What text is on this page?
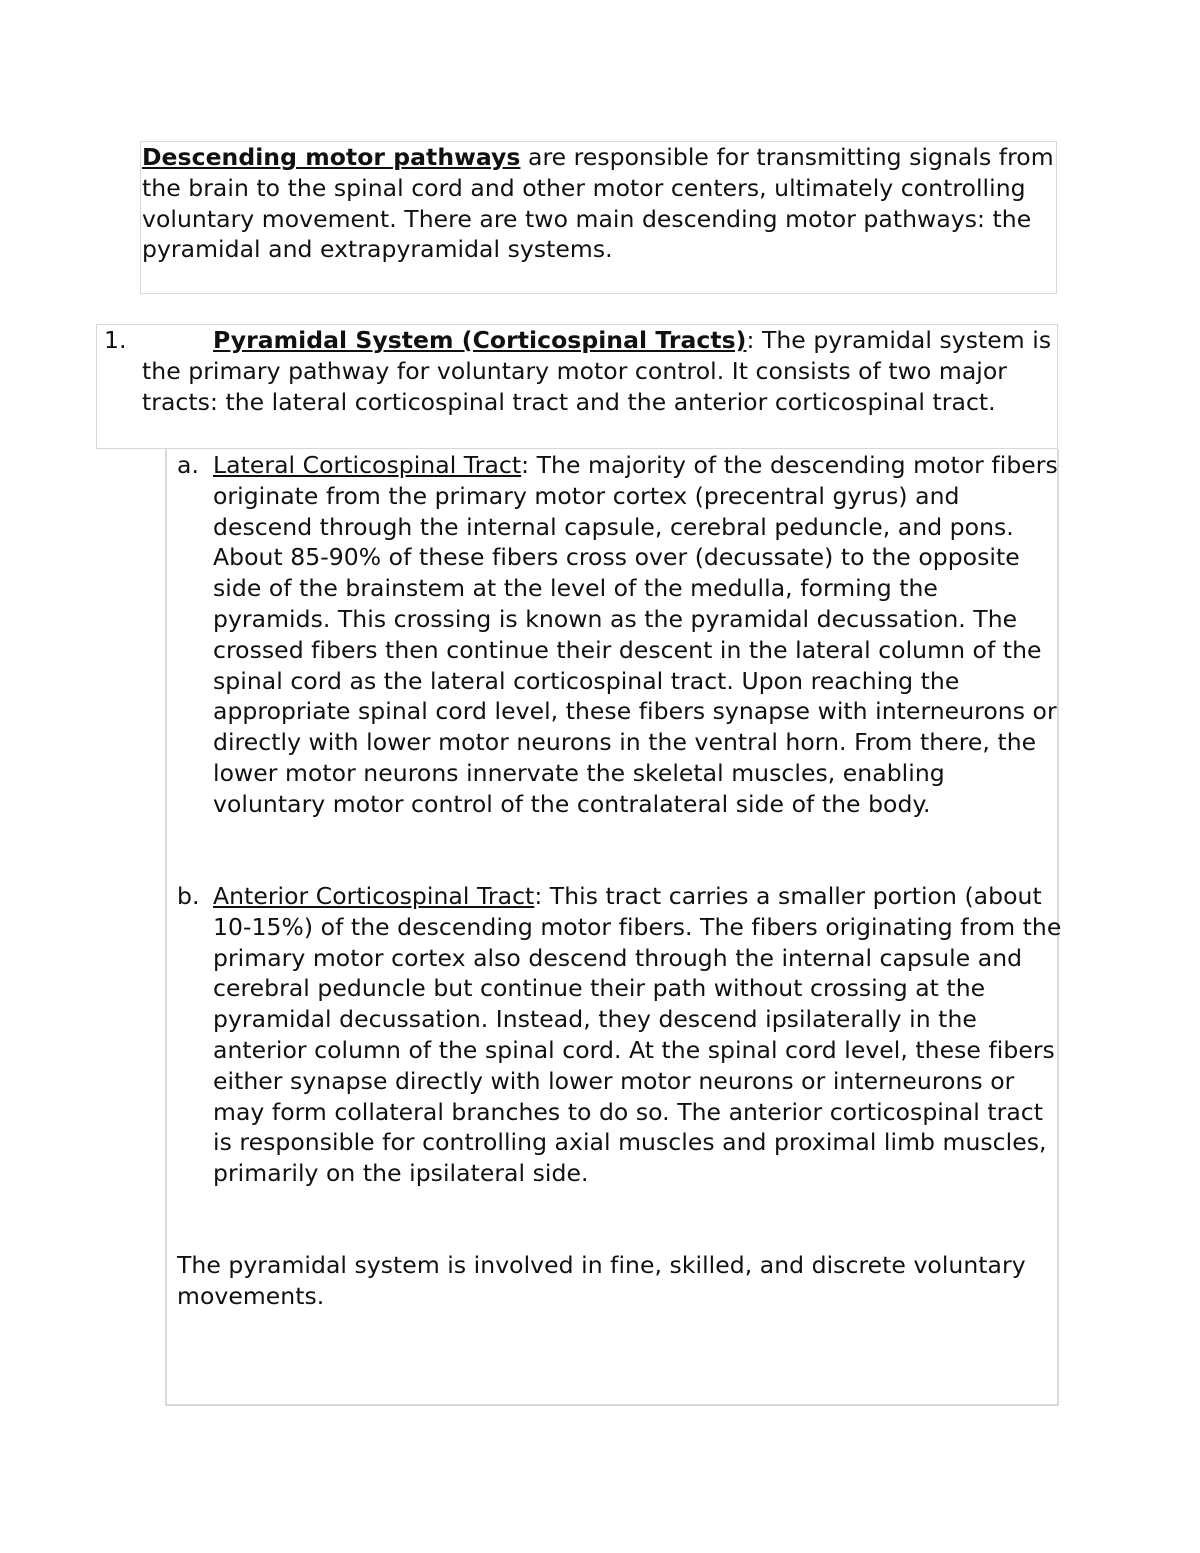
Descending motor pathways are responsible for transmitting signals from the brain to the spinal cord and other motor centers, ultimately controlling voluntary movement. There are two main descending motor pathways: the pyramidal and extrapyramidal systems.
1.	Pyramidal System (Corticospinal Tracts): The pyramidal system is the primary pathway for voluntary motor control. It consists of two major tracts: the lateral corticospinal tract and the anterior corticospinal tract.
a. Lateral Corticospinal Tract: The majority of the descending motor fibers originate from the primary motor cortex (precentral gyrus) and descend through the internal capsule, cerebral peduncle, and pons. About 85-90% of these fibers cross over (decussate) to the opposite side of the brainstem at the level of the medulla, forming the pyramids. This crossing is known as the pyramidal decussation. The crossed fibers then continue their descent in the lateral column of the spinal cord as the lateral corticospinal tract. Upon reaching the appropriate spinal cord level, these fibers synapse with interneurons or directly with lower motor neurons in the ventral horn. From there, the lower motor neurons innervate the skeletal muscles, enabling voluntary motor control of the contralateral side of the body.
b. Anterior Corticospinal Tract: This tract carries a smaller portion (about 10-15%) of the descending motor fibers. The fibers originating from the primary motor cortex also descend through the internal capsule and cerebral peduncle but continue their path without crossing at the pyramidal decussation. Instead, they descend ipsilaterally in the anterior column of the spinal cord. At the spinal cord level, these fibers either synapse directly with lower motor neurons or interneurons or may form collateral branches to do so. The anterior corticospinal tract is responsible for controlling axial muscles and proximal limb muscles, primarily on the ipsilateral side.
The pyramidal system is involved in fine, skilled, and discrete voluntary movements.
